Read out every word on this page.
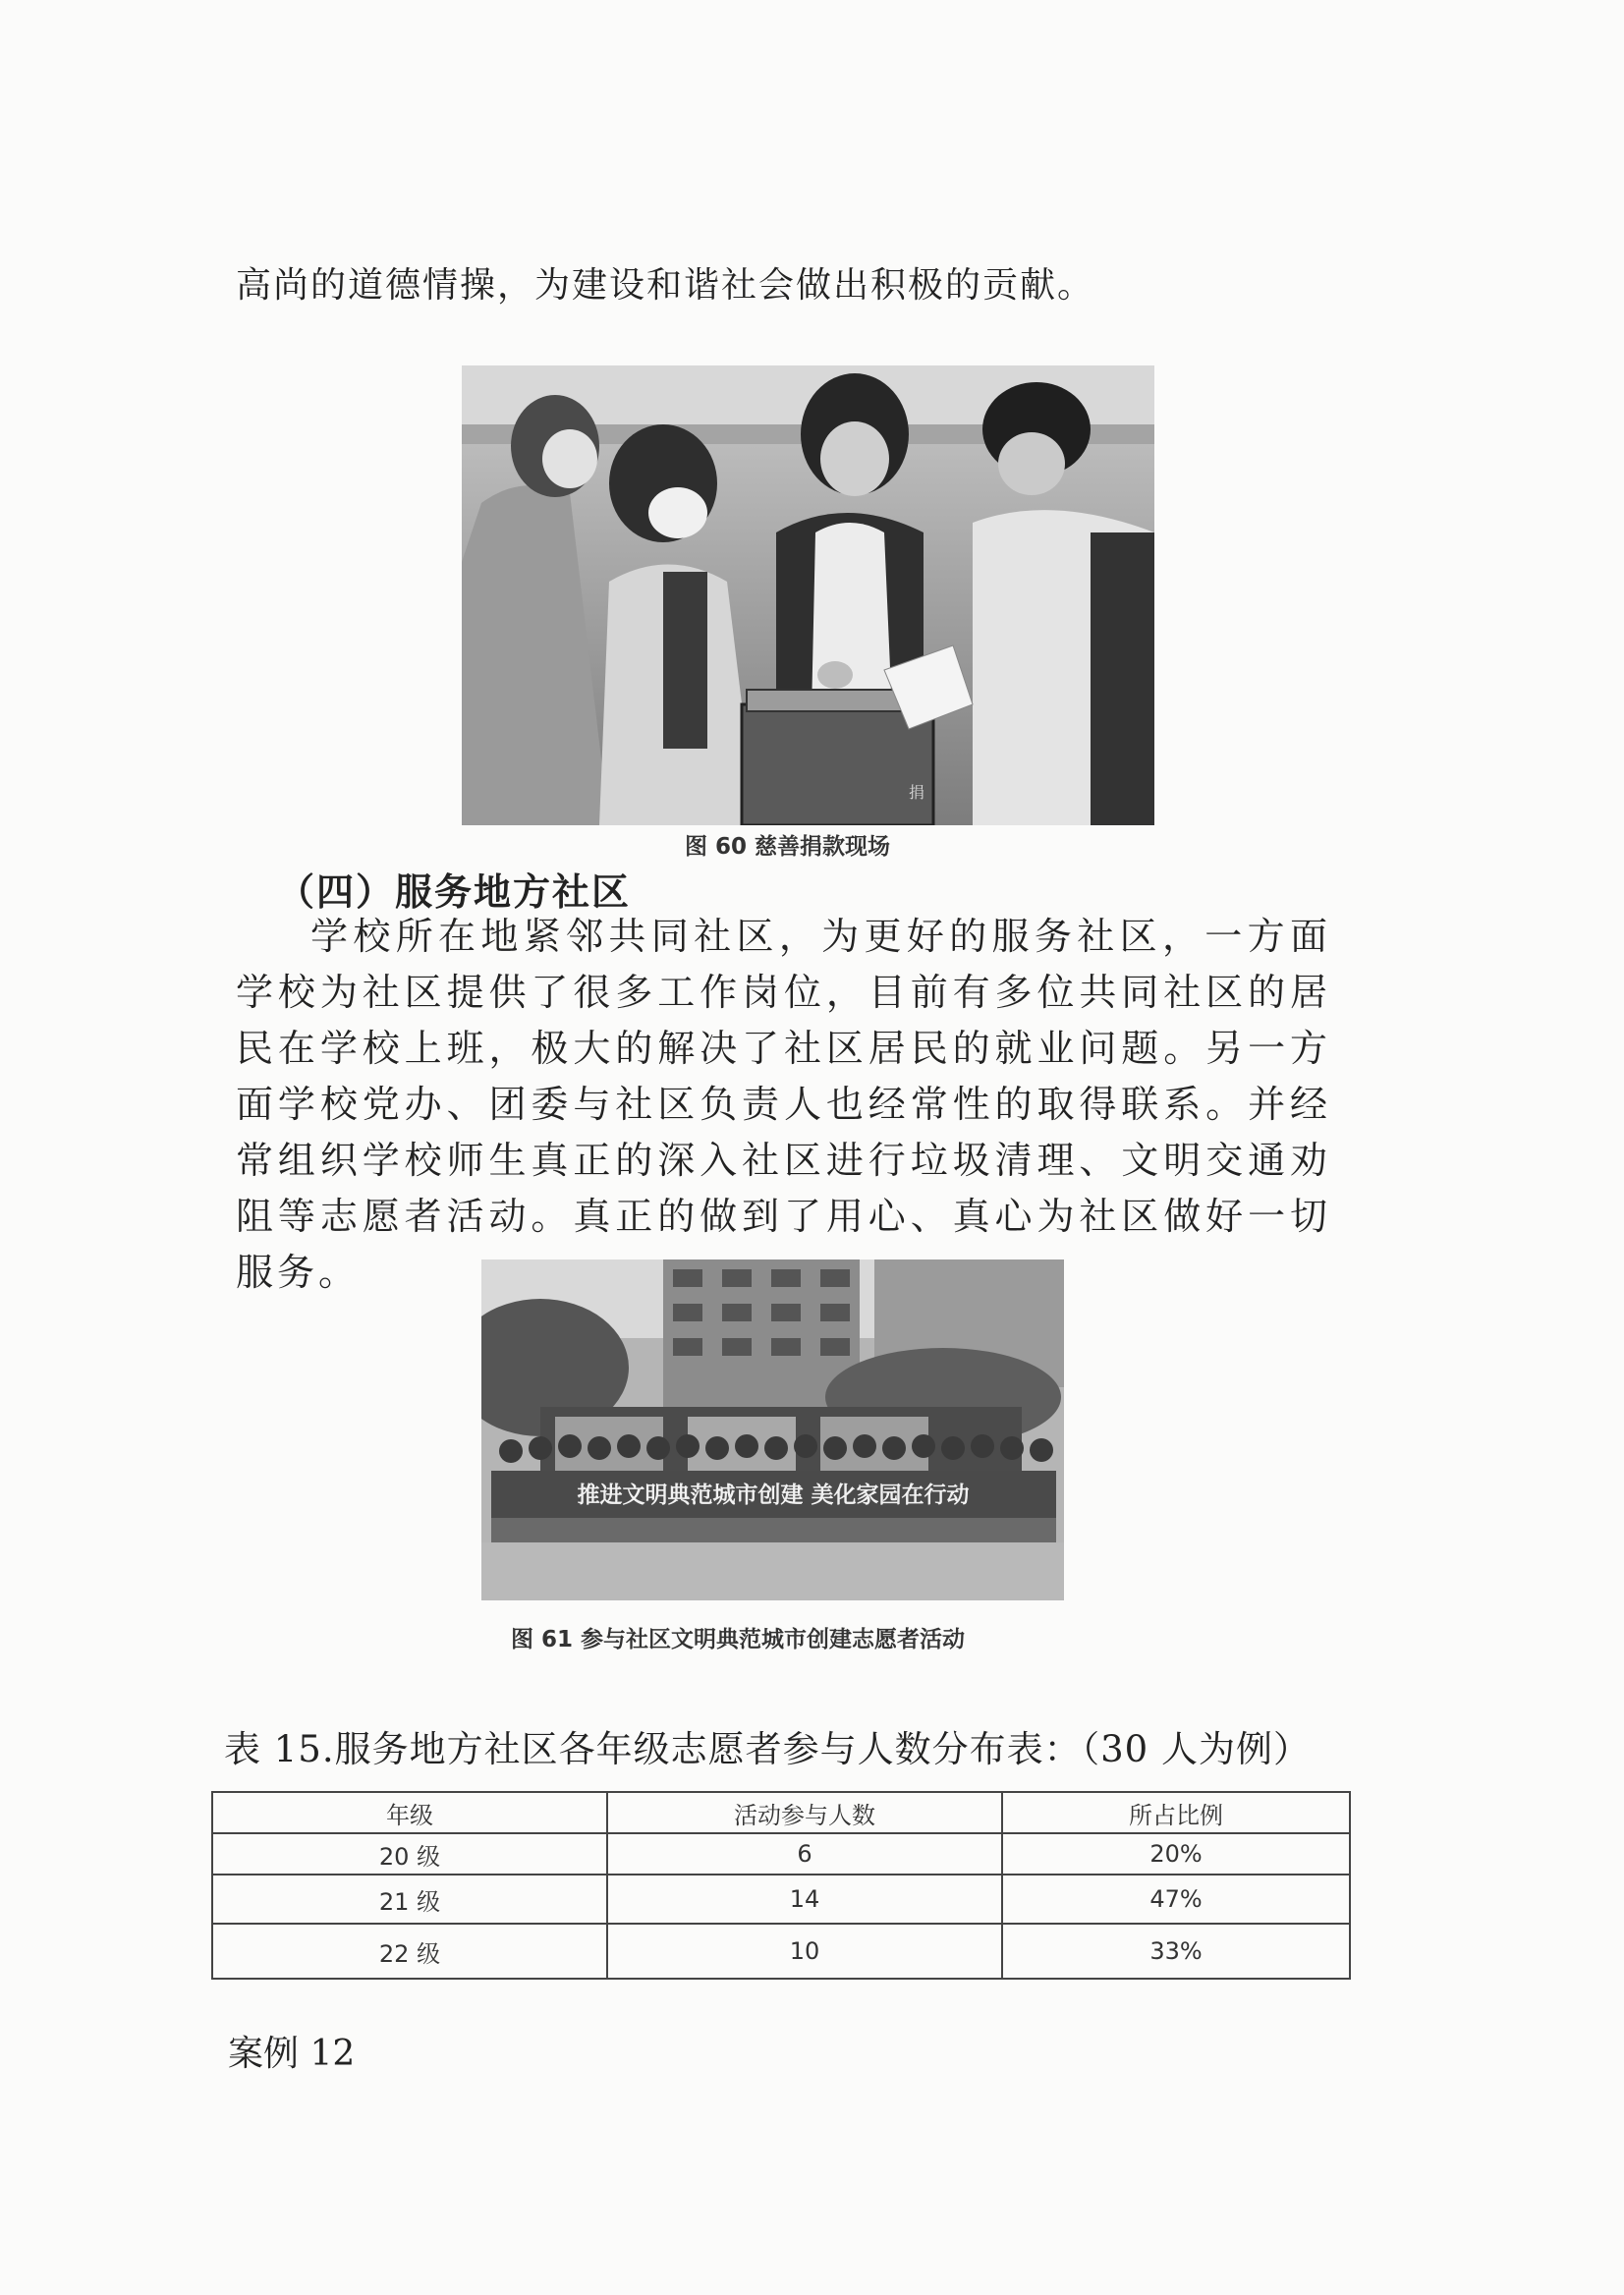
高尚的道德情操，为建设和谐社会做出积极的贡献。

捐
图 60 慈善捐款现场

（四）服务地方社区

学校所在地紧邻共同社区，为更好的服务社区，一方面学校为社区提供了很多工作岗位，目前有多位共同社区的居民在学校上班，极大的解决了社区居民的就业问题。另一方面学校党办、团委与社区负责人也经常性的取得联系。并经常组织学校师生真正的深入社区进行垃圾清理、文明交通劝阻等志愿者活动。真正的做到了用心、真心为社区做好一切服务。

推进文明典范城市创建 美化家园在行动
图 61 参与社区文明典范城市创建志愿者活动

表 15.服务地方社区各年级志愿者参与人数分布表：（30 人为例）

年级	活动参与人数	所占比例
20 级	6	20%
21 级	14	47%
22 级	10	33%

案例 12
